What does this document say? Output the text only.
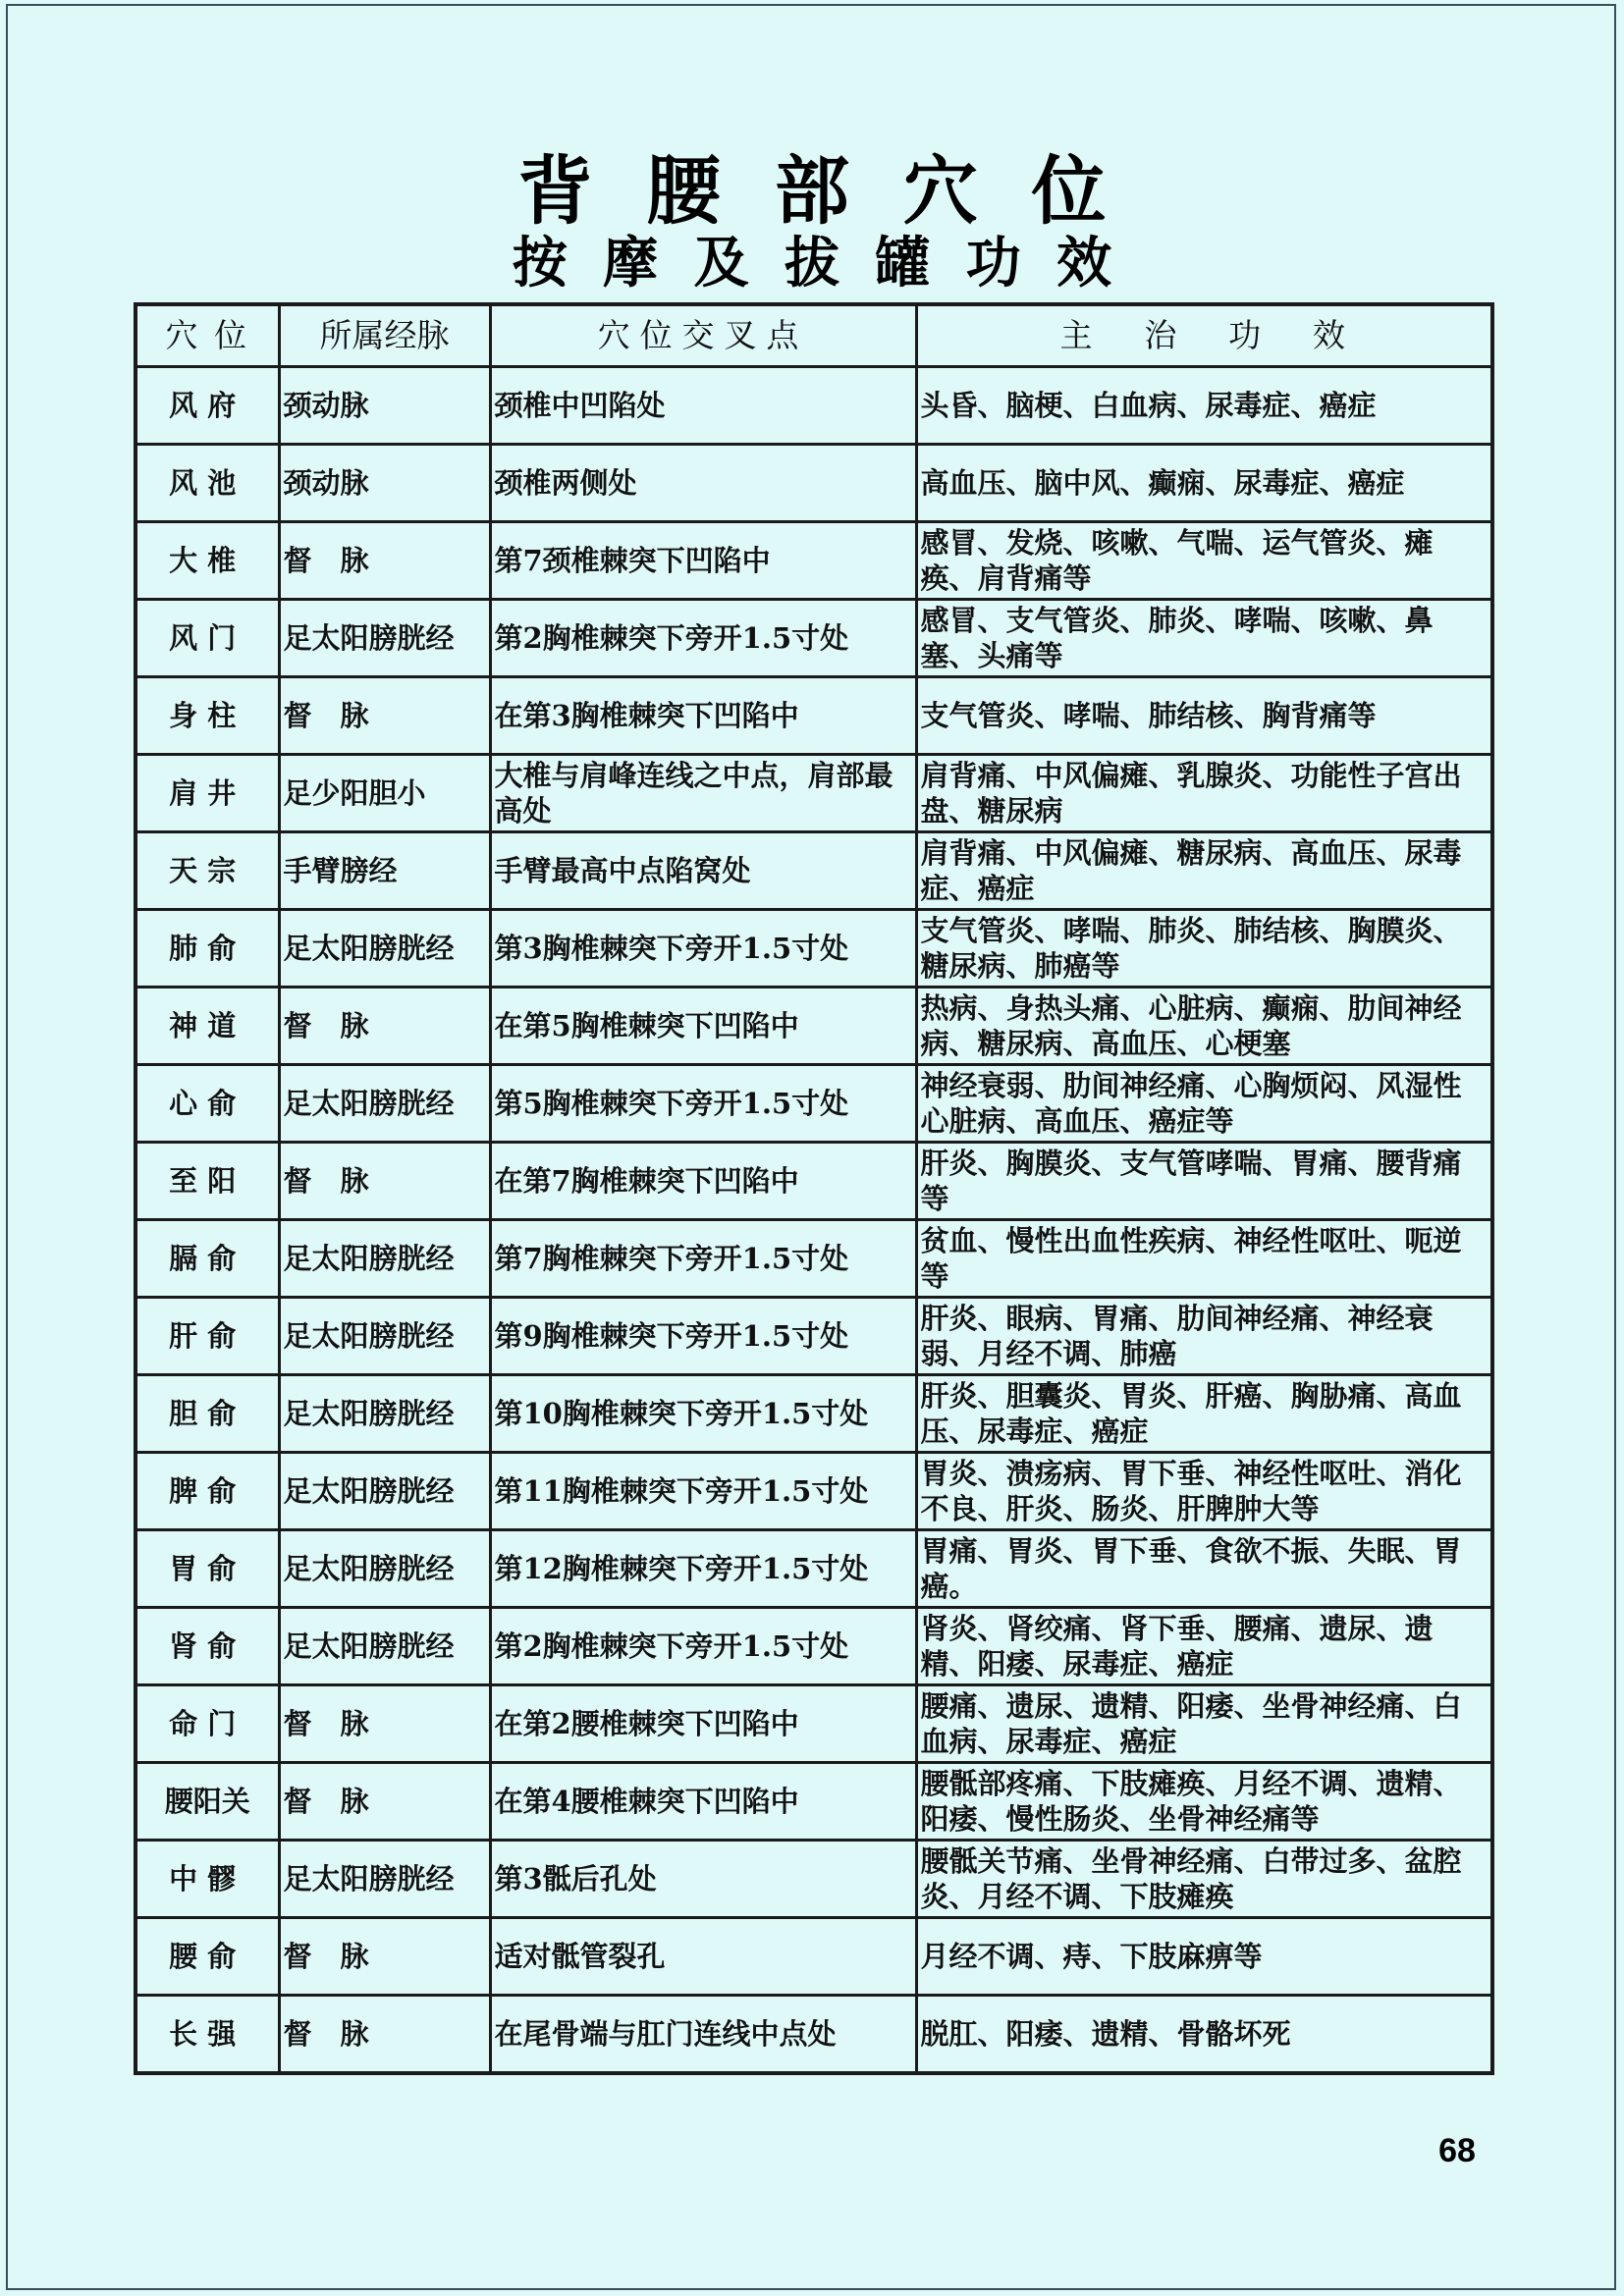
背腰部穴位
按摩及拔罐功效
穴位	所属经脉	穴位交叉点	主治功效
风府	颈动脉	颈椎中凹陷处	头昏、脑梗、白血病、尿毒症、癌症
风池	颈动脉	颈椎两侧处	高血压、脑中风、癫痫、尿毒症、癌症
大椎	督　脉	第7颈椎棘突下凹陷中	感冒、发烧、咳嗽、气喘、运气管炎、瘫痪、肩背痛等
风门	足太阳膀胱经	第2胸椎棘突下旁开1.5寸处	感冒、支气管炎、肺炎、哮喘、咳嗽、鼻塞、头痛等
身柱	督　脉	在第3胸椎棘突下凹陷中	支气管炎、哮喘、肺结核、胸背痛等
肩井	足少阳胆小	大椎与肩峰连线之中点，肩部最高处	肩背痛、中风偏瘫、乳腺炎、功能性子宫出盘、糖尿病
天宗	手臂膀经	手臂最高中点陷窝处	肩背痛、中风偏瘫、糖尿病、高血压、尿毒症、癌症
肺俞	足太阳膀胱经	第3胸椎棘突下旁开1.5寸处	支气管炎、哮喘、肺炎、肺结核、胸膜炎、糖尿病、肺癌等
神道	督　脉	在第5胸椎棘突下凹陷中	热病、身热头痛、心脏病、癫痫、肋间神经病、糖尿病、高血压、心梗塞
心俞	足太阳膀胱经	第5胸椎棘突下旁开1.5寸处	神经衰弱、肋间神经痛、心胸烦闷、风湿性心脏病、高血压、癌症等
至阳	督　脉	在第7胸椎棘突下凹陷中	肝炎、胸膜炎、支气管哮喘、胃痛、腰背痛等
膈俞	足太阳膀胱经	第7胸椎棘突下旁开1.5寸处	贫血、慢性出血性疾病、神经性呕吐、呃逆等
肝俞	足太阳膀胱经	第9胸椎棘突下旁开1.5寸处	肝炎、眼病、胃痛、肋间神经痛、神经衰弱、月经不调、肺癌
胆俞	足太阳膀胱经	第10胸椎棘突下旁开1.5寸处	肝炎、胆囊炎、胃炎、肝癌、胸胁痛、高血压、尿毒症、癌症
脾俞	足太阳膀胱经	第11胸椎棘突下旁开1.5寸处	胃炎、溃疡病、胃下垂、神经性呕吐、消化不良、肝炎、肠炎、肝脾肿大等
胃俞	足太阳膀胱经	第12胸椎棘突下旁开1.5寸处	胃痛、胃炎、胃下垂、食欲不振、失眠、胃癌。
肾俞	足太阳膀胱经	第2胸椎棘突下旁开1.5寸处	肾炎、肾绞痛、肾下垂、腰痛、遗尿、遗精、阳痿、尿毒症、癌症
命门	督　脉	在第2腰椎棘突下凹陷中	腰痛、遗尿、遗精、阳痿、坐骨神经痛、白血病、尿毒症、癌症
腰阳关	督　脉	在第4腰椎棘突下凹陷中	腰骶部疼痛、下肢瘫痪、月经不调、遗精、阳痿、慢性肠炎、坐骨神经痛等
中髎	足太阳膀胱经	第3骶后孔处	腰骶关节痛、坐骨神经痛、白带过多、盆腔炎、月经不调、下肢瘫痪
腰俞	督　脉	适对骶管裂孔	月经不调、痔、下肢麻痹等
长强	督　脉	在尾骨端与肛门连线中点处	脱肛、阳痿、遗精、骨骼坏死
68
